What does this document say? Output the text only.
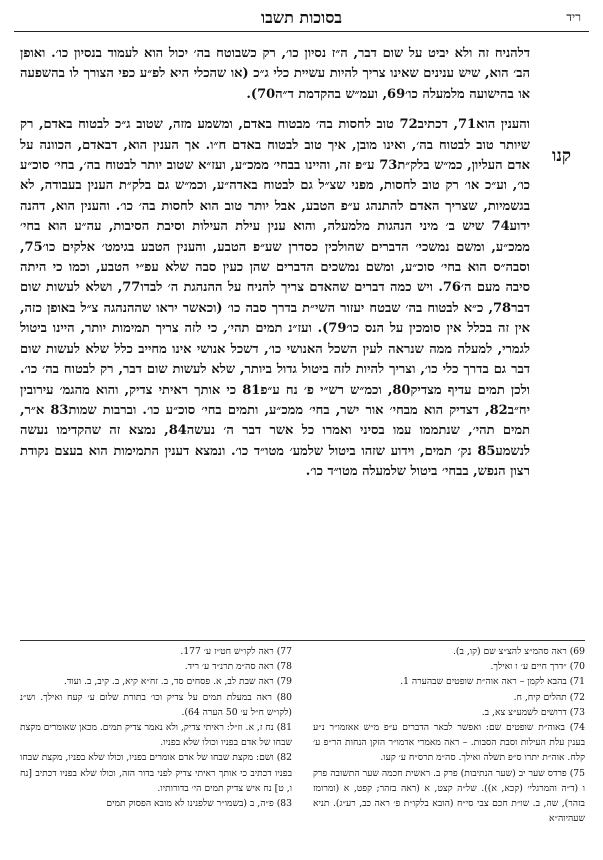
ריד
בסוכות תשבו
קנו

דלהניח זה ולא יביט על שום דבר, ה״ז נסיון כו׳, רק כשבוטח בה׳ יכול הוא לעמוד בנסיון כו׳. ואופן הב׳ הוא, שיש ענינים שאינו צריך להיות עשיית כלי ג״כ (או שהכלי היא לפ״ע כפי הצורך לו בהשפעה או בהישועה מלמעלה כו׳69, ועמ״ש בהקדמת ד״ה70).

והענין הוא71, דכתיב72 טוב לחסות בה׳ מבטוח באדם, ומשמע מזה, שטוב ג״כ לבטוח באדם, רק שיותר טוב לבטוח בה׳, ואינו מובן, איך טוב לבטוח באדם ח״ו. אך הענין הוא, דבאדם, הכוונה על אדם העליון, כמ״ש בלק״ת73 ע״פ זה, והיינו בבחי׳ ממכ״ע, ועז״א שטוב יותר לבטוח בה׳, בחי׳ סוכ״ע כו׳, וע״כ או׳ רק טוב לחסות, מפני שצ״ל גם לבטוח באדה״ע, וכמ״ש גם בלק״ת הענין בעבודה, לא בגשמיות, שצריך האדם להתנהג ע״פ הטבע, אבל יותר טוב הוא לחסות בה׳ כו׳. והענין הוא, דהנה ידוע74 שיש ב׳ מיני הנהגות מלמעלה, והוא ענין עילת העילות וסיבת הסיבות, עה״ע הוא בחי׳ ממכ״ע, ומשם נמשכי׳ הדברים שהולכין כסדרן שע״פ הטבע, והענין הטבע בגימט׳ אלקים כו׳75, וסבה״ס הוא בחי׳ סוכ״ע, ומשם נמשכים הדברים שהן כעין סבה שלא עפ״י הטבע, וכמו כי היתה סיבה מעם ה׳76. ויש כמה דברים שהאדם צריך להניח על ההנהגת ה׳ לבדו77, ושלא לעשות שום דבר78, כ״א לבטוח בה׳ שבטח יעזור השי״ת בדרך סבה כו׳ (וכאשר יראו שההנהגה צ״ל באופן כזה, אין זה בכלל אין סומכין על הנס כו׳79). ועז״נ תמים תהי׳, כי לזה צריך תמימות יותר, היינו ביטול לגמרי, למעלה ממה שנראה לעין השכל האנושי כו׳, דשכל אנושי אינו מחייב כלל שלא לעשות שום דבר גם בדרך כלי כו׳, וצריך להיות לזה ביטול גדול ביותר, שלא לעשות שום דבר, רק לבטוח בה׳ כו׳. ולכן תמים עדיף מצדיק80, וכמ״ש רש״י פ׳ נח ע״פ81 כי אותך ראיתי צדיק, והוא מהגמ׳ עירובין יח״ב82, דצדיק הוא מבחי׳ אור ישר, בחי׳ ממכ״ע, ותמים בחי׳ סוכ״ע כו׳. וברבות שמות83 א״ר, תמים תהי׳, שנתממו עמו בסיני ואמרו כל אשר דבר ה׳ נעשה84, נמצא זה שהקדימו נעשה לנשמע85 נק׳ תמים, וידוע שזהו ביטול שלמע׳ מטו״ד כו׳. ונמצא דענין התמימות הוא בעצם נקודת רצון הנפש, בבחי׳ ביטול שלמעלה מטו״ד כו׳.

69) ראה סהמ״צ להצ״צ שם (קו, ב).

70) ״דרך חיים ע׳ ו ואילך.

71) בהבא לקמן – ראה אוה״ת שופטים שבהערה 1.

72) תהלים קיח, ח.

73) דרושים לשמע״צ צא, ב.

74) באוה״ת שופטים שם: ואפשר לבאר הדברים ע״פ מ״ש אאזמו״ר נ״ע בענין עלת העילות וסבת הסבות. – ראה מאמרי אדמו״ר הזקן הנחות הר״פ ע׳ קלח. אוה״ת יתרו ס״פ תשלה ואילך. סה״מ תרס״ח ע׳ קעו.

75) פרדס שער יב (שער הנתיבות) פרק ב. ראשית חכמה שער התשובה פרק ו (ד״ה והמרגלי׳ (קכא, א)). של״ה קצט, א (ראה בזהר; קפט, א (ומרומז בזהר), שה, ב. שו״ת חכם צבי סי״ח (הובא בלקו״ת פ׳ ראה כב, רע״ג). תניא שעהיוה״א

77) ראה לקו״ש חט״ז ע׳ 177.

78) ראה סה״מ תרנ״ד ע׳ ריד.

79) ראה שבת לב, א. פסחים סד, ב. זח״א קיא, ב. קיב, ב. ועוד.

80) ראה במעלת תמים על צדיק וכו׳ בתורת שלום ע׳ קעח ואילך. וש״נ (לקו״ש ח״ל ע׳ 50 הערה 64).

81) נח ז, א. וז״ל: ראיתי צדיק, ולא נאמר צדיק תמים. מכאן שאומרים מקצת שבחו של אדם בפניו וכולו שלא בפניו.

82) ושם: מקצת שבחו של אדם אומרים בפניו, וכולו שלא בפניו, מקצת שבחו בפניו דכתיב כי אותך ראיתי צדיק לפני בדור הזה, וכולו שלא בפניו דכתיב [נח ו, ט] נח איש צדיק תמים הי׳ בדורותיו.

83) פ״ה, ב (בשמו״ר שלפנינו לא מובא הפסוק תמים
